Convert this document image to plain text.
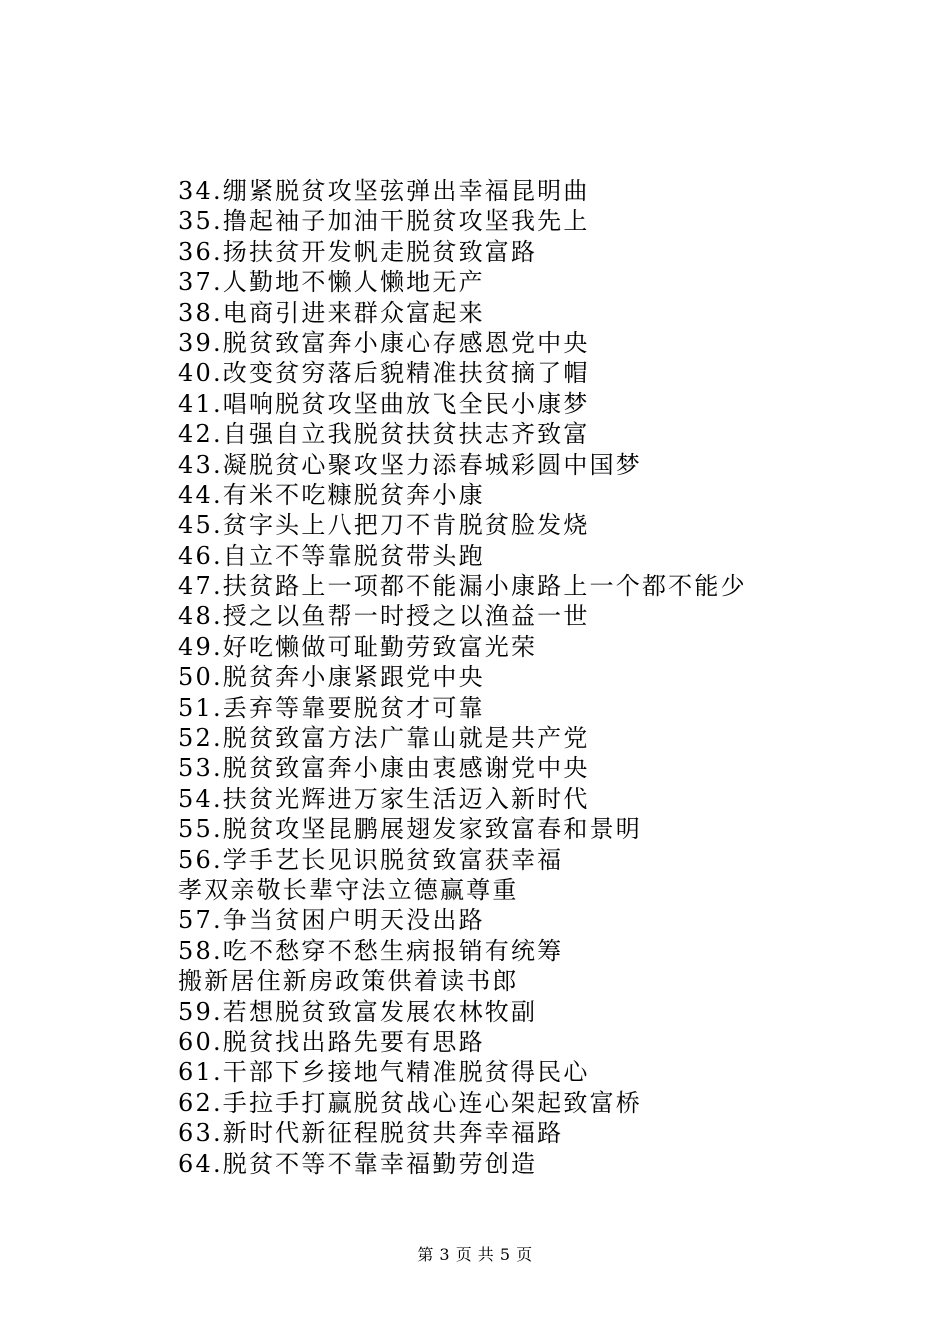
34.绷紧脱贫攻坚弦弹出幸福昆明曲
35.撸起袖子加油干脱贫攻坚我先上
36.扬扶贫开发帆走脱贫致富路
37.人勤地不懒人懒地无产
38.电商引进来群众富起来
39.脱贫致富奔小康心存感恩党中央
40.改变贫穷落后貌精准扶贫摘了帽
41.唱响脱贫攻坚曲放飞全民小康梦
42.自强自立我脱贫扶贫扶志齐致富
43.凝脱贫心聚攻坚力添春城彩圆中国梦
44.有米不吃糠脱贫奔小康
45.贫字头上八把刀不肯脱贫脸发烧
46.自立不等靠脱贫带头跑
47.扶贫路上一项都不能漏小康路上一个都不能少
48.授之以鱼帮一时授之以渔益一世
49.好吃懒做可耻勤劳致富光荣
50.脱贫奔小康紧跟党中央
51.丢弃等靠要脱贫才可靠
52.脱贫致富方法广靠山就是共产党
53.脱贫致富奔小康由衷感谢党中央
54.扶贫光辉进万家生活迈入新时代
55.脱贫攻坚昆鹏展翅发家致富春和景明
56.学手艺长见识脱贫致富获幸福
孝双亲敬长辈守法立德赢尊重
57.争当贫困户明天没出路
58.吃不愁穿不愁生病报销有统筹
搬新居住新房政策供着读书郎
59.若想脱贫致富发展农林牧副
60.脱贫找出路先要有思路
61.干部下乡接地气精准脱贫得民心
62.手拉手打赢脱贫战心连心架起致富桥
63.新时代新征程脱贫共奔幸福路
64.脱贫不等不靠幸福勤劳创造
第 3 页 共 5 页
